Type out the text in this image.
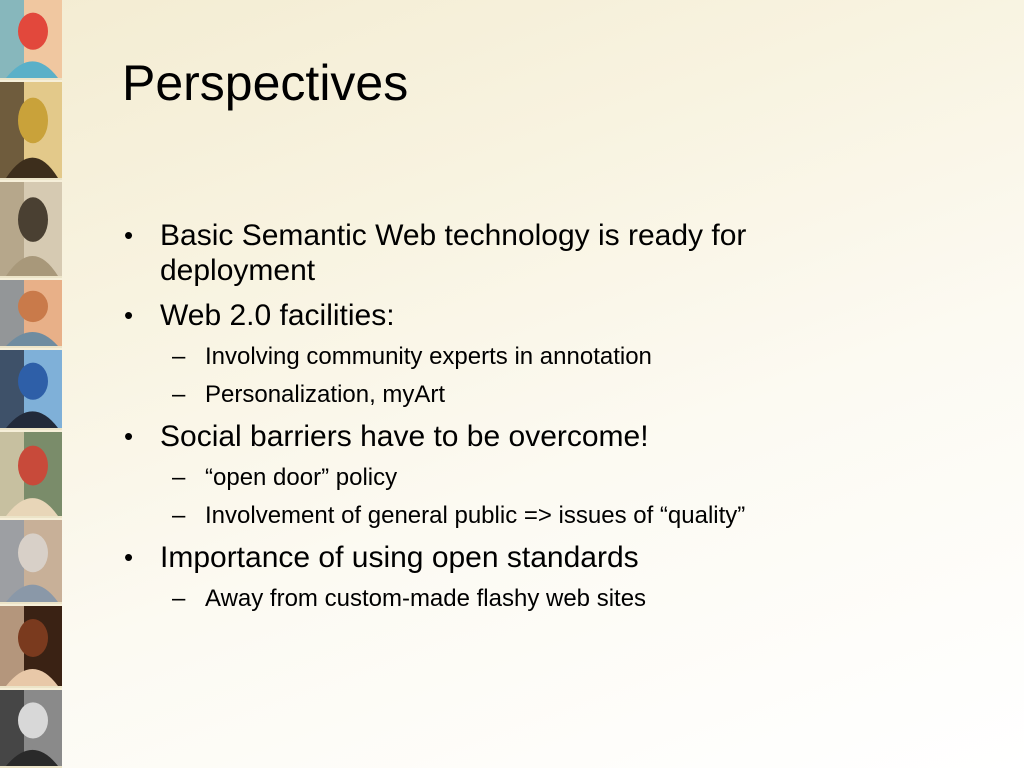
Perspectives
• Basic Semantic Web technology is ready for deployment
• Web 2.0 facilities:
– Involving community experts in annotation
– Personalization, myArt
• Social barriers have to be overcome!
– “open door” policy
– Involvement of general public => issues of “quality”
• Importance of using open standards
– Away from custom-made flashy web sites
